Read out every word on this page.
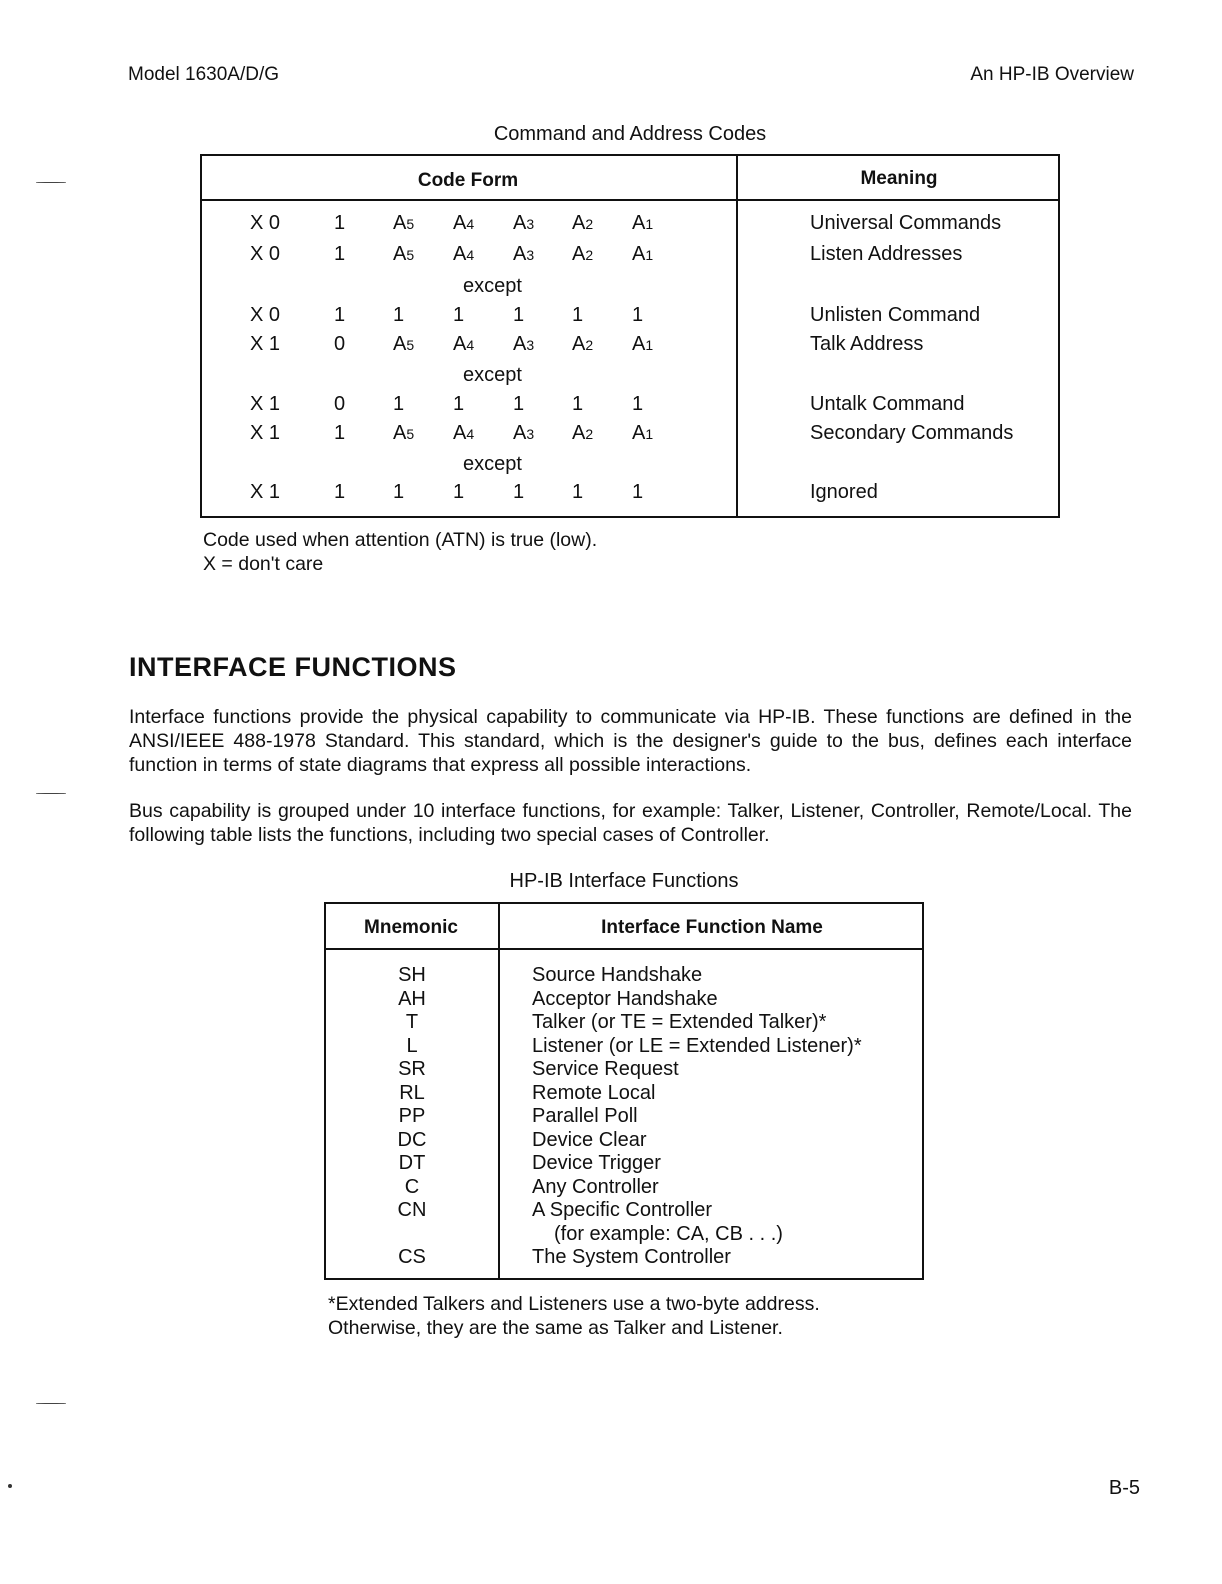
Model 1630A/D/G	An HP-IB Overview
Command and Address Codes
Code Form	Meaning
X 0	1 A5 A4 A3 A2 A1	Universal Commands
X 0	1 A5 A4 A3 A2 A1	Listen Addresses
except
X 0	1 1 1 1 1 1	Unlisten Command
X 1	0 A5 A4 A3 A2 A1	Talk Address
except
X 1	0 1 1 1 1 1	Untalk Command
X 1	1 A5 A4 A3 A2 A1	Secondary Commands
except
X 1	1 1 1 1 1 1	Ignored
Code used when attention (ATN) is true (low).
X = don't care
INTERFACE FUNCTIONS
Interface functions provide the physical capability to communicate via HP-IB. These functions are defined in the ANSI/IEEE 488-1978 Standard. This standard, which is the designer's guide to the bus, defines each interface function in terms of state diagrams that express all possible interactions.
Bus capability is grouped under 10 interface functions, for example: Talker, Listener, Controller, Remote/Local. The following table lists the functions, including two special cases of Controller.
HP-IB Interface Functions
Mnemonic	Interface Function Name
SH	Source Handshake
AH	Acceptor Handshake
T	Talker (or TE = Extended Talker)*
L	Listener (or LE = Extended Listener)*
SR	Service Request
RL	Remote Local
PP	Parallel Poll
DC	Device Clear
DT	Device Trigger
C	Any Controller
CN	A Specific Controller
(for example: CA, CB . . .)
CS	The System Controller
*Extended Talkers and Listeners use a two-byte address.
Otherwise, they are the same as Talker and Listener.
B-5
